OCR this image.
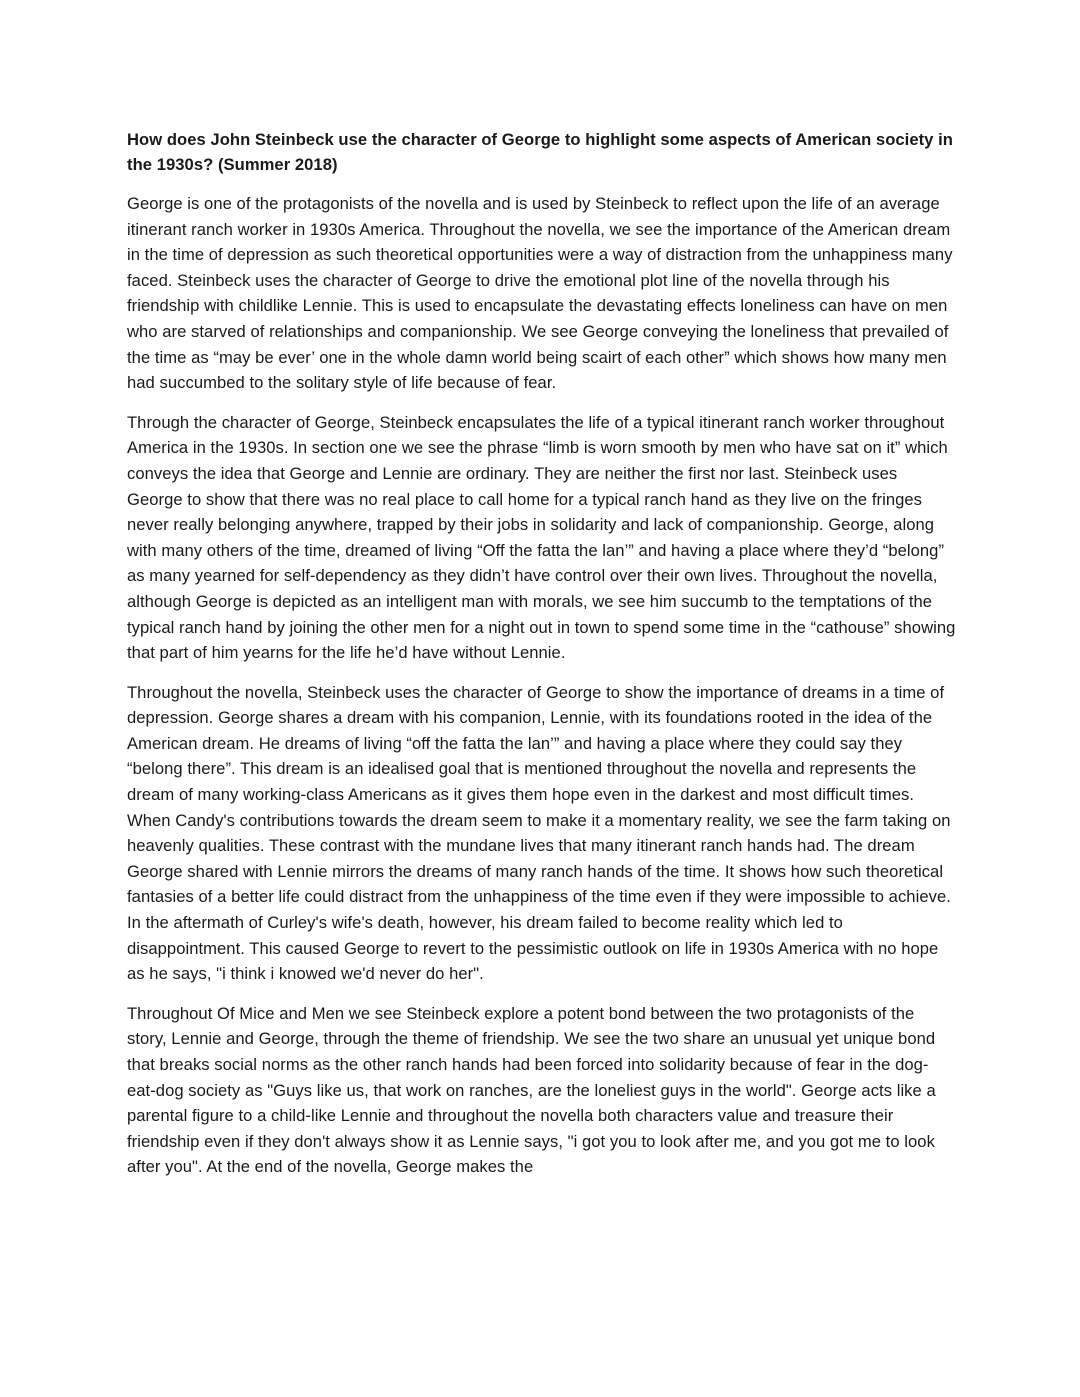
How does John Steinbeck use the character of George to highlight some aspects of American society in the 1930s? (Summer 2018)

George is one of the protagonists of the novella and is used by Steinbeck to reflect upon the life of an average itinerant ranch worker in 1930s America. Throughout the novella, we see the importance of the American dream in the time of depression as such theoretical opportunities were a way of distraction from the unhappiness many faced. Steinbeck uses the character of George to drive the emotional plot line of the novella through his friendship with childlike Lennie. This is used to encapsulate the devastating effects loneliness can have on men who are starved of relationships and companionship. We see George conveying the loneliness that prevailed of the time as “may be ever’ one in the whole damn world being scairt of each other” which shows how many men had succumbed to the solitary style of life because of fear.

Through the character of George, Steinbeck encapsulates the life of a typical itinerant ranch worker throughout America in the 1930s. In section one we see the phrase “limb is worn smooth by men who have sat on it” which conveys the idea that George and Lennie are ordinary. They are neither the first nor last. Steinbeck uses George to show that there was no real place to call home for a typical ranch hand as they live on the fringes never really belonging anywhere, trapped by their jobs in solidarity and lack of companionship. George, along with many others of the time, dreamed of living “Off the fatta the lan’” and having a place where they’d “belong” as many yearned for self-dependency as they didn’t have control over their own lives. Throughout the novella, although George is depicted as an intelligent man with morals, we see him succumb to the temptations of the typical ranch hand by joining the other men for a night out in town to spend some time in the “cathouse” showing that part of him yearns for the life he’d have without Lennie.

Throughout the novella, Steinbeck uses the character of George to show the importance of dreams in a time of depression. George shares a dream with his companion, Lennie, with its foundations rooted in the idea of the American dream. He dreams of living “off the fatta the lan’” and having a place where they could say they “belong there”. This dream is an idealised goal that is mentioned throughout the novella and represents the dream of many working-class Americans as it gives them hope even in the darkest and most difficult times. When Candy's contributions towards the dream seem to make it a momentary reality, we see the farm taking on heavenly qualities. These contrast with the mundane lives that many itinerant ranch hands had. The dream George shared with Lennie mirrors the dreams of many ranch hands of the time. It shows how such theoretical fantasies of a better life could distract from the unhappiness of the time even if they were impossible to achieve. In the aftermath of Curley's wife's death, however, his dream failed to become reality which led to disappointment. This caused George to revert to the pessimistic outlook on life in 1930s America with no hope as he says, "i think i knowed we'd never do her".

Throughout Of Mice and Men we see Steinbeck explore a potent bond between the two protagonists of the story, Lennie and George, through the theme of friendship. We see the two share an unusual yet unique bond that breaks social norms as the other ranch hands had been forced into solidarity because of fear in the dog-eat-dog society as "Guys like us, that work on ranches, are the loneliest guys in the world". George acts like a parental figure to a child-like Lennie and throughout the novella both characters value and treasure their friendship even if they don't always show it as Lennie says, "i got you to look after me, and you got me to look after you". At the end of the novella, George makes the
